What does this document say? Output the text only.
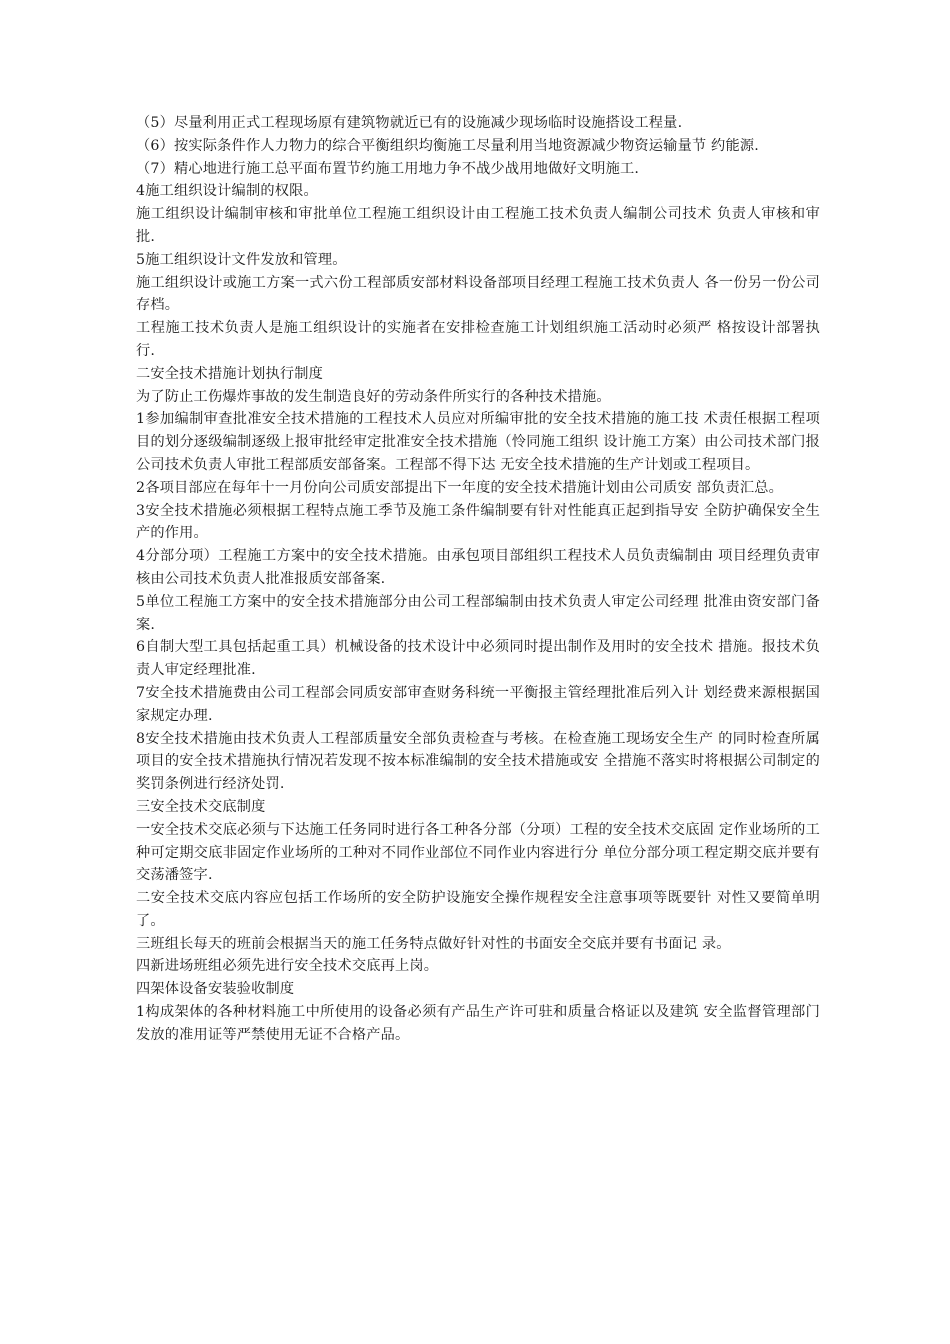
（5）尽量利用正式工程现场原有建筑物就近已有的设施减少现场临时设施搭设工程量.

（6）按实际条件作人力物力的综合平衡组织均衡施工尽量利用当地资源减少物资运输量节 约能源.

（7）精心地进行施工总平面布置节约施工用地力争不战少战用地做好文明施工.

4施工组织设计编制的权限。

施工组织设计编制审核和审批单位工程施工组织设计由工程施工技术负责人编制公司技术 负责人审核和审批.

5施工组织设计文件发放和管理。

施工组织设计或施工方案一式六份工程部质安部材料设备部项目经理工程施工技术负责人 各一份另一份公司存档。

工程施工技术负责人是施工组织设计的实施者在安排检查施工计划组织施工活动时必须严 格按设计部署执行.

二安全技术措施计划执行制度

为了防止工伤爆炸事故的发生制造良好的劳动条件所实行的各种技术措施。

1参加编制审查批准安全技术措施的工程技术人员应对所编审批的安全技术措施的施工技 术责任根据工程项目的划分逐级编制逐级上报审批经审定批准安全技术措施（怜同施工组织 设计施工方案）由公司技术部门报公司技术负责人审批工程部质安部备案。工程部不得下达 无安全技术措施的生产计划或工程项目。

2各项目部应在每年十一月份向公司质安部提出下一年度的安全技术措施计划由公司质安 部负责汇总。

3安全技术措施必须根据工程特点施工季节及施工条件编制要有针对性能真正起到指导安 全防护确保安全生产的作用。

4分部分项）工程施工方案中的安全技术措施。由承包项目部组织工程技术人员负责编制由 项目经理负责审核由公司技术负责人批准报质安部备案.

5单位工程施工方案中的安全技术措施部分由公司工程部编制由技术负责人审定公司经理 批准由资安部门备案.

6自制大型工具包括起重工具）机械设备的技术设计中必须同时提出制作及用时的安全技术 措施。报技术负责人审定经理批准.

7安全技术措施费由公司工程部会同质安部审查财务科统一平衡报主管经理批准后列入计 划经费来源根据国家规定办理.

8安全技术措施由技术负责人工程部质量安全部负责检查与考核。在检查施工现场安全生产 的同时检查所属项目的安全技术措施执行情况若发现不按本标准编制的安全技术措施或安 全措施不落实时将根据公司制定的奖罚条例进行经济处罚.

三安全技术交底制度

一安全技术交底必须与下达施工任务同时进行各工种各分部（分项）工程的安全技术交底固 定作业场所的工种可定期交底非固定作业场所的工种对不同作业部位不同作业内容进行分 单位分部分项工程定期交底并要有交荡潘签字.

二安全技术交底内容应包括工作场所的安全防护设施安全操作规程安全注意事项等既要针 对性又要简单明了。

三班组长每天的班前会根据当天的施工任务特点做好针对性的书面安全交底并要有书面记 录。

四新进场班组必须先进行安全技术交底再上岗。

四架体设备安装验收制度

1构成架体的各种材料施工中所使用的设备必须有产品生产许可驻和质量合格证以及建筑 安全监督管理部门发放的准用证等严禁使用无证不合格产品。
